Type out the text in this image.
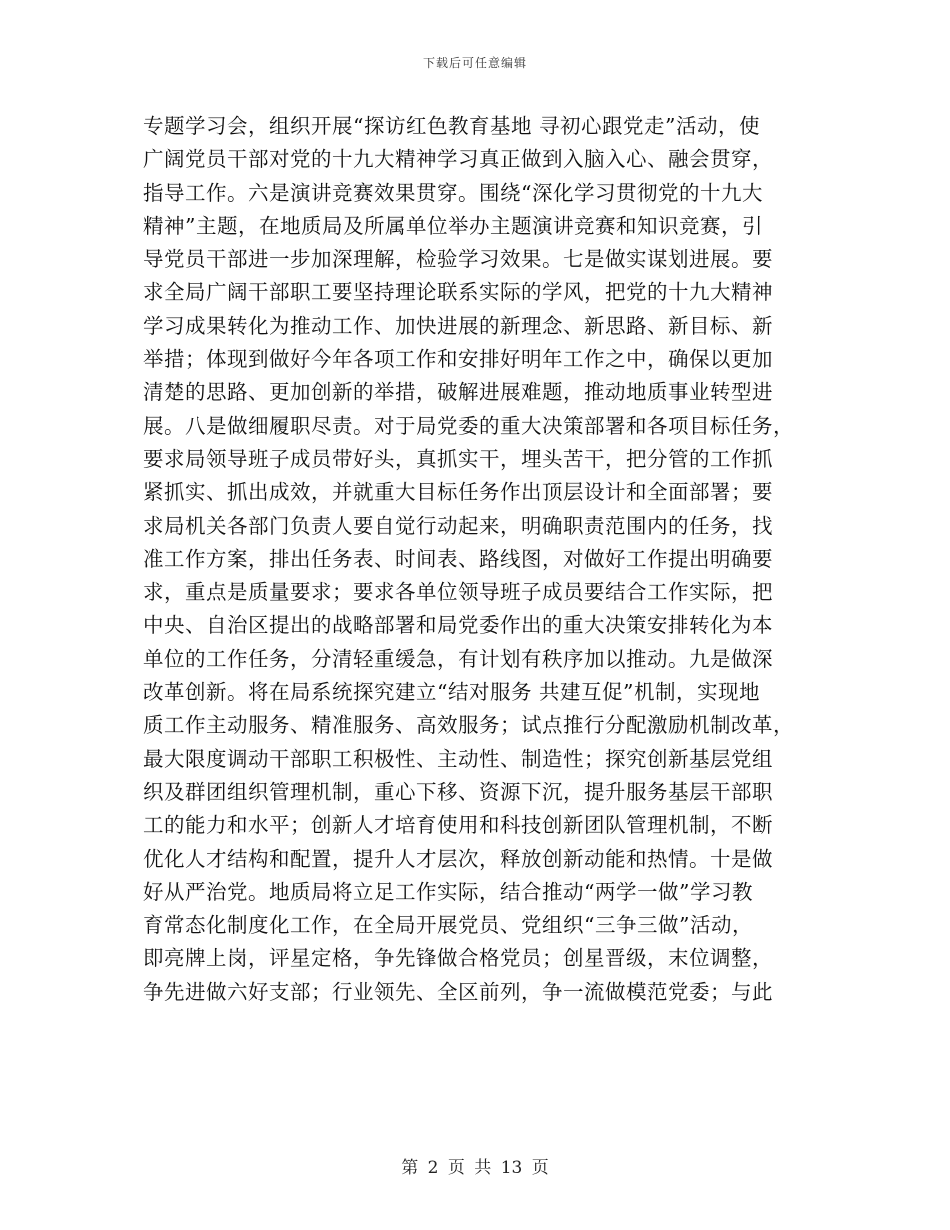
下载后可任意编辑
专题学习会，组织开展“探访红色教育基地 寻初心跟党走”活动，使
广阔党员干部对党的十九大精神学习真正做到入脑入心、融会贯穿，
指导工作。六是演讲竞赛效果贯穿。围绕“深化学习贯彻党的十九大
精神”主题，在地质局及所属单位举办主题演讲竞赛和知识竞赛，引
导党员干部进一步加深理解，检验学习效果。七是做实谋划进展。要
求全局广阔干部职工要坚持理论联系实际的学风，把党的十九大精神
学习成果转化为推动工作、加快进展的新理念、新思路、新目标、新
举措；体现到做好今年各项工作和安排好明年工作之中，确保以更加
清楚的思路、更加创新的举措，破解进展难题，推动地质事业转型进
展。八是做细履职尽责。对于局党委的重大决策部署和各项目标任务，
要求局领导班子成员带好头，真抓实干，埋头苦干，把分管的工作抓
紧抓实、抓出成效，并就重大目标任务作出顶层设计和全面部署；要
求局机关各部门负责人要自觉行动起来，明确职责范围内的任务，找
准工作方案，排出任务表、时间表、路线图，对做好工作提出明确要
求，重点是质量要求；要求各单位领导班子成员要结合工作实际，把
中央、自治区提出的战略部署和局党委作出的重大决策安排转化为本
单位的工作任务，分清轻重缓急，有计划有秩序加以推动。九是做深
改革创新。将在局系统探究建立“结对服务 共建互促”机制，实现地
质工作主动服务、精准服务、高效服务；试点推行分配激励机制改革，
最大限度调动干部职工积极性、主动性、制造性；探究创新基层党组
织及群团组织管理机制，重心下移、资源下沉，提升服务基层干部职
工的能力和水平；创新人才培育使用和科技创新团队管理机制，不断
优化人才结构和配置，提升人才层次，释放创新动能和热情。十是做
好从严治党。地质局将立足工作实际，结合推动“两学一做”学习教
育常态化制度化工作，在全局开展党员、党组织“三争三做”活动，
即亮牌上岗，评星定格，争先锋做合格党员；创星晋级，末位调整，
争先进做六好支部；行业领先、全区前列，争一流做模范党委；与此
第 2 页 共 13 页
